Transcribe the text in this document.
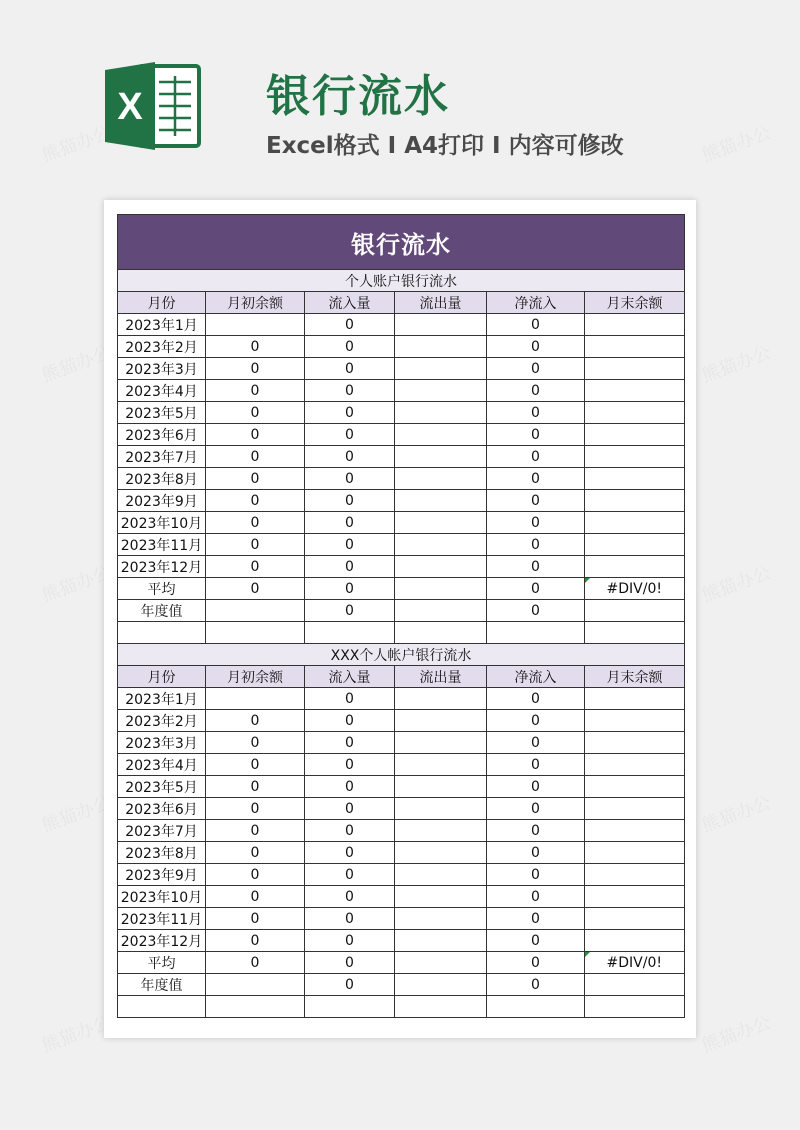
X	银行流水
Excel格式 I A4打印 I 内容可修改
银行流水					
个人账户银行流水					
月份	月初余额	流入量	流出量	净流入	月末余额
2023年1月		0		0	
2023年2月	0	0		0	
2023年3月	0	0		0	
2023年4月	0	0		0	
2023年5月	0	0		0	
2023年6月	0	0		0	
2023年7月	0	0		0	
2023年8月	0	0		0	
2023年9月	0	0		0	
2023年10月	0	0		0	
2023年11月	0	0		0	
2023年12月	0	0		0	
平均	0	0		0	#DIV/0!
年度值		0		0	

XXX个人帐户银行流水					
月份	月初余额	流入量	流出量	净流入	月末余额
2023年1月		0		0	
2023年2月	0	0		0	
2023年3月	0	0		0	
2023年4月	0	0		0	
2023年5月	0	0		0	
2023年6月	0	0		0	
2023年7月	0	0		0	
2023年8月	0	0		0	
2023年9月	0	0		0	
2023年10月	0	0		0	
2023年11月	0	0		0	
2023年12月	0	0		0	
平均	0	0		0	#DIV/0!
年度值		0		0	
